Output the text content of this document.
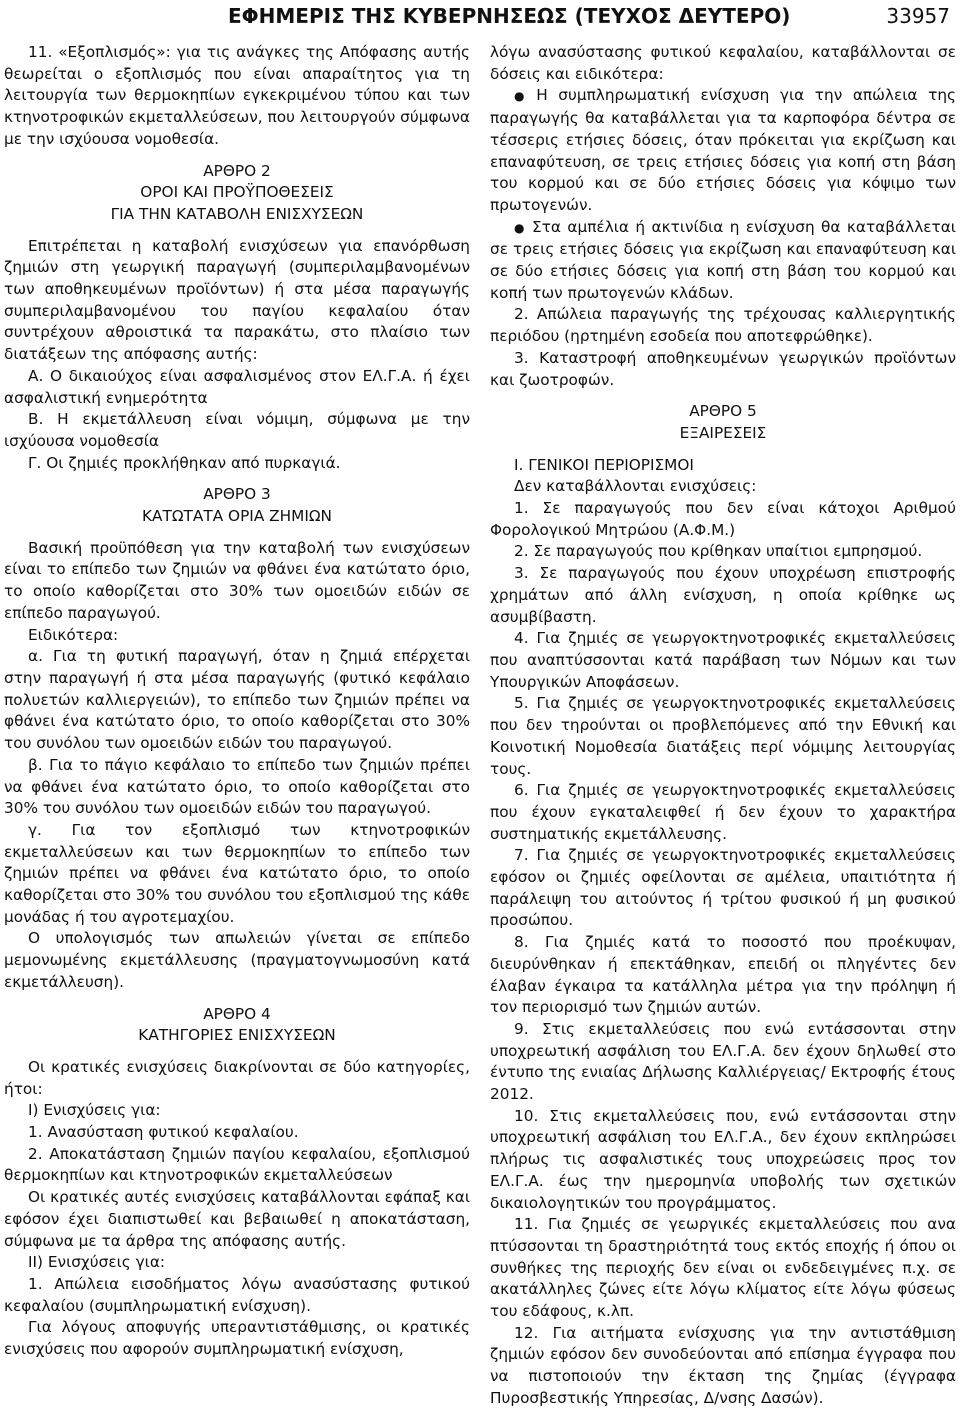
ΕΦΗΜΕΡΙΣ ΤΗΣ ΚΥΒΕΡΝΗΣΕΩΣ (ΤΕΥΧΟΣ ΔΕΥΤΕΡΟ)	33957

11. «Εξοπλισμός»: για τις ανάγκες της Απόφασης αυτής θεωρείται ο εξοπλισμός που είναι απαραίτητος για τη λειτουργία των θερμοκηπίων εγκεκριμένου τύπου και των κτηνοτροφικών εκμεταλλεύσεων, που λειτουργούν σύμφωνα με την ισχύουσα νομοθεσία.

ΑΡΘΡΟ 2

ΟΡΟΙ ΚΑΙ ΠΡΟΫΠΟΘΕΣΕΙΣ

ΓΙΑ ΤΗΝ ΚΑΤΑΒΟΛΗ ΕΝΙΣΧΥΣΕΩΝ

Επιτρέπεται η καταβολή ενισχύσεων για επανόρθωση ζημιών στη γεωργική παραγωγή (συμπεριλαμβανομένων των αποθηκευμένων προϊόντων) ή στα μέσα παραγωγής συμπεριλαμβανομένου του παγίου κεφαλαίου όταν συντρέχουν αθροιστικά τα παρακάτω, στο πλαίσιο των διατάξεων της απόφασης αυτής:

Α. Ο δικαιούχος είναι ασφαλισμένος στον ΕΛ.Γ.Α. ή έχει ασφαλιστική ενημερότητα

Β. Η εκμετάλλευση είναι νόμιμη, σύμφωνα με την ισχύουσα νομοθεσία

Γ. Οι ζημιές προκλήθηκαν από πυρκαγιά.

ΑΡΘΡΟ 3

ΚΑΤΩΤΑΤΑ ΟΡΙΑ ΖΗΜΙΩΝ

Βασική προϋπόθεση για την καταβολή των ενισχύσεων είναι το επίπεδο των ζημιών να φθάνει ένα κατώτατο όριο, το οποίο καθορίζεται στο 30% των ομοειδών ειδών σε επίπεδο παραγωγού.

Ειδικότερα:

α. Για τη φυτική παραγωγή, όταν η ζημιά επέρχεται στην παραγωγή ή στα μέσα παραγωγής (φυτικό κεφάλαιο πολυετών καλλιεργειών), το επίπεδο των ζημιών πρέπει να φθάνει ένα κατώτατο όριο, το οποίο καθορίζεται στο 30% του συνόλου των ομοειδών ειδών του παραγωγού.

β. Για το πάγιο κεφάλαιο το επίπεδο των ζημιών πρέπει να φθάνει ένα κατώτατο όριο, το οποίο καθορίζεται στο 30% του συνόλου των ομοειδών ειδών του παραγωγού.

γ. Για τον εξοπλισμό των κτηνοτροφικών εκμεταλλεύσεων και των θερμοκηπίων το επίπεδο των ζημιών πρέπει να φθάνει ένα κατώτατο όριο, το οποίο καθορίζεται στο 30% του συνόλου του εξοπλισμού της κάθε μονάδας ή του αγροτεμαχίου.

Ο υπολογισμός των απωλειών γίνεται σε επίπεδο μεμονωμένης εκμετάλλευσης (πραγματογνωμοσύνη κατά εκμετάλλευση).

ΑΡΘΡΟ 4

ΚΑΤΗΓΟΡΙΕΣ ΕΝΙΣΧΥΣΕΩΝ

Οι κρατικές ενισχύσεις διακρίνονται σε δύο κατηγορίες, ήτοι:

Ι) Ενισχύσεις για:

1. Ανασύσταση φυτικού κεφαλαίου.

2. Αποκατάσταση ζημιών παγίου κεφαλαίου, εξοπλισμού θερμοκηπίων και κτηνοτροφικών εκμεταλλεύσεων

Οι κρατικές αυτές ενισχύσεις καταβάλλονται εφάπαξ και εφόσον έχει διαπιστωθεί και βεβαιωθεί η αποκατάσταση, σύμφωνα με τα άρθρα της απόφασης αυτής.

ΙΙ) Ενισχύσεις για:

1. Απώλεια εισοδήματος λόγω ανασύστασης φυτικού κεφαλαίου (συμπληρωματική ενίσχυση).

Για λόγους αποφυγής υπεραντιστάθμισης, οι κρατικές ενισχύσεις που αφορούν συμπληρωματική ενίσχυση,

λόγω ανασύστασης φυτικού κεφαλαίου, καταβάλλονται σε δόσεις και ειδικότερα:

● Η συμπληρωματική ενίσχυση για την απώλεια της παραγωγής θα καταβάλλεται για τα καρποφόρα δέντρα σε τέσσερις ετήσιες δόσεις, όταν πρόκειται για εκρίζωση και επαναφύτευση, σε τρεις ετήσιες δόσεις για κοπή στη βάση του κορμού και σε δύο ετήσιες δόσεις για κόψιμο των πρωτογενών.

● Στα αμπέλια ή ακτινίδια η ενίσχυση θα καταβάλλεται σε τρεις ετήσιες δόσεις για εκρίζωση και επαναφύτευση και σε δύο ετήσιες δόσεις για κοπή στη βάση του κορμού και κοπή των πρωτογενών κλάδων.

2. Απώλεια παραγωγής της τρέχουσας καλλιεργητικής περιόδου (ηρτημένη εσοδεία που αποτεφρώθηκε).

3. Καταστροφή αποθηκευμένων γεωργικών προϊόντων και ζωοτροφών.

ΑΡΘΡΟ 5

ΕΞΑΙΡΕΣΕΙΣ

Ι. ΓΕΝΙΚΟΙ ΠΕΡΙΟΡΙΣΜΟΙ

Δεν καταβάλλονται ενισχύσεις:

1. Σε παραγωγούς που δεν είναι κάτοχοι Αριθμού Φορολογικού Μητρώου (Α.Φ.Μ.)

2. Σε παραγωγούς που κρίθηκαν υπαίτιοι εμπρησμού.

3. Σε παραγωγούς που έχουν υποχρέωση επιστροφής χρημάτων από άλλη ενίσχυση, η οποία κρίθηκε ως ασυμβίβαστη.

4. Για ζημιές σε γεωργοκτηνοτροφικές εκμεταλλεύσεις που αναπτύσσονται κατά παράβαση των Νόμων και των Υπουργικών Αποφάσεων.

5. Για ζημιές σε γεωργοκτηνοτροφικές εκμεταλλεύσεις που δεν τηρούνται οι προβλεπόμενες από την Εθνική και Κοινοτική Νομοθεσία διατάξεις περί νόμιμης λειτουργίας τους.

6. Για ζημιές σε γεωργοκτηνοτροφικές εκμεταλλεύσεις που έχουν εγκαταλειφθεί ή δεν έχουν το χαρακτήρα συστηματικής εκμετάλλευσης.

7. Για ζημιές σε γεωργοκτηνοτροφικές εκμεταλλεύσεις εφόσον οι ζημιές οφείλονται σε αμέλεια, υπαιτιότητα ή παράλειψη του αιτούντος ή τρίτου φυσικού ή μη φυσικού προσώπου.

8. Για ζημιές κατά το ποσοστό που προέκυψαν, διευρύνθηκαν ή επεκτάθηκαν, επειδή οι πληγέντες δεν έλαβαν έγκαιρα τα κατάλληλα μέτρα για την πρόληψη ή τον περιορισμό των ζημιών αυτών.

9. Στις εκμεταλλεύσεις που ενώ εντάσσονται στην υποχρεωτική ασφάλιση του ΕΛ.Γ.Α. δεν έχουν δηλωθεί στο έντυπο της ενιαίας Δήλωσης Καλλιέργειας/ Εκτροφής έτους 2012.

10. Στις εκμεταλλεύσεις που, ενώ εντάσσονται στην υποχρεωτική ασφάλιση του ΕΛ.Γ.Α., δεν έχουν εκπληρώσει πλήρως τις ασφαλιστικές τους υποχρεώσεις προς τον ΕΛ.Γ.Α. έως την ημερομηνία υποβολής των σχετικών δικαιολογητικών του προγράμματος.

11. Για ζημιές σε γεωργικές εκμεταλλεύσεις που ανα πτύσσονται τη δραστηριότητά τους εκτός εποχής ή όπου οι συνθήκες της περιοχής δεν είναι οι ενδεδειγμένες π.χ. σε ακατάλληλες ζώνες είτε λόγω κλίματος είτε λόγω φύσεως του εδάφους, κ.λπ.

12. Για αιτήματα ενίσχυσης για την αντιστάθμιση ζημιών εφόσον δεν συνοδεύονται από επίσημα έγγραφα που να πιστοποιούν την έκταση της ζημίας (έγγραφα Πυροσβεστικής Υπηρεσίας, Δ/νσης Δασών).
